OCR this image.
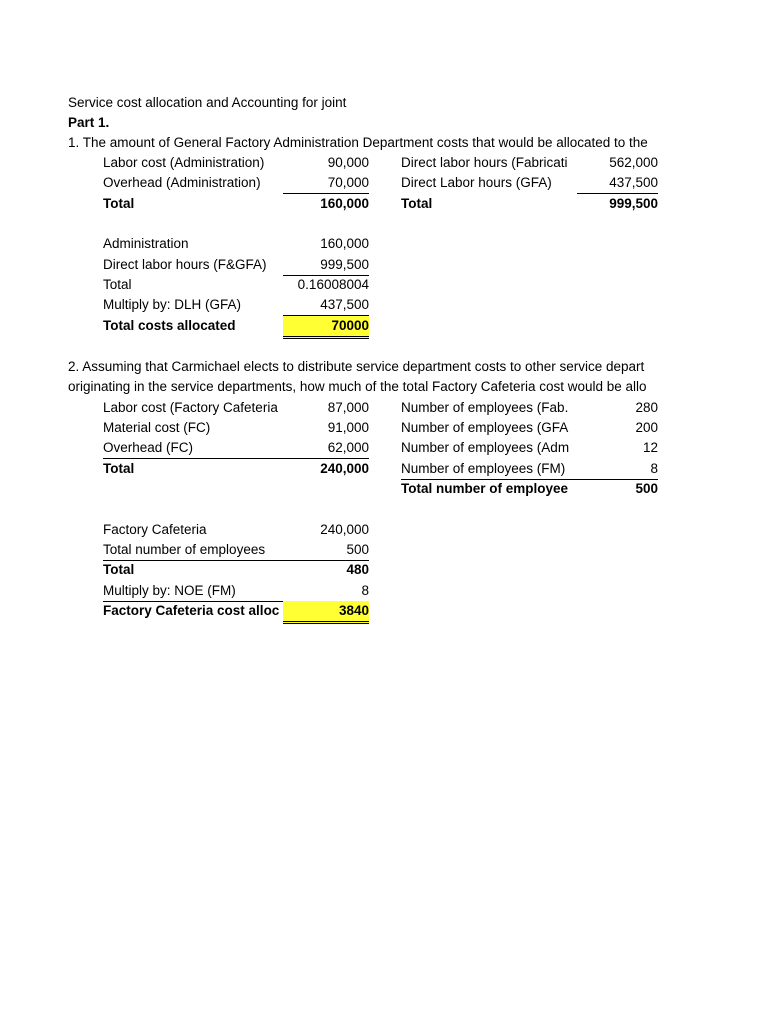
Service cost allocation and Accounting for joint
Part 1.
1. The amount of General Factory Administration Department costs that would be allocated to the
Labor cost (Administration)	90,000
Overhead (Administration)	70,000
Total	160,000
Direct labor hours (Fabricati	562,000
Direct Labor hours (GFA)	437,500
Total	999,500
Administration	160,000
Direct labor hours (F&GFA)	999,500
Total	0.16008004
Multiply by: DLH (GFA)	437,500
Total costs allocated	70000
2. Assuming that Carmichael elects to distribute service department costs to other service depart
originating in the service departments, how much of the total Factory Cafeteria cost would be allo
Labor cost (Factory Cafeteria	87,000
Material cost (FC)	91,000
Overhead (FC)	62,000
Total	240,000
Number of employees (Fab.	280
Number of employees (GFA	200
Number of employees (Adm	12
Number of employees (FM)	8
Total number of employee	500
Factory Cafeteria	240,000
Total number of employees	500
Total	480
Multiply by: NOE (FM)	8
Factory Cafeteria cost alloc	3840
